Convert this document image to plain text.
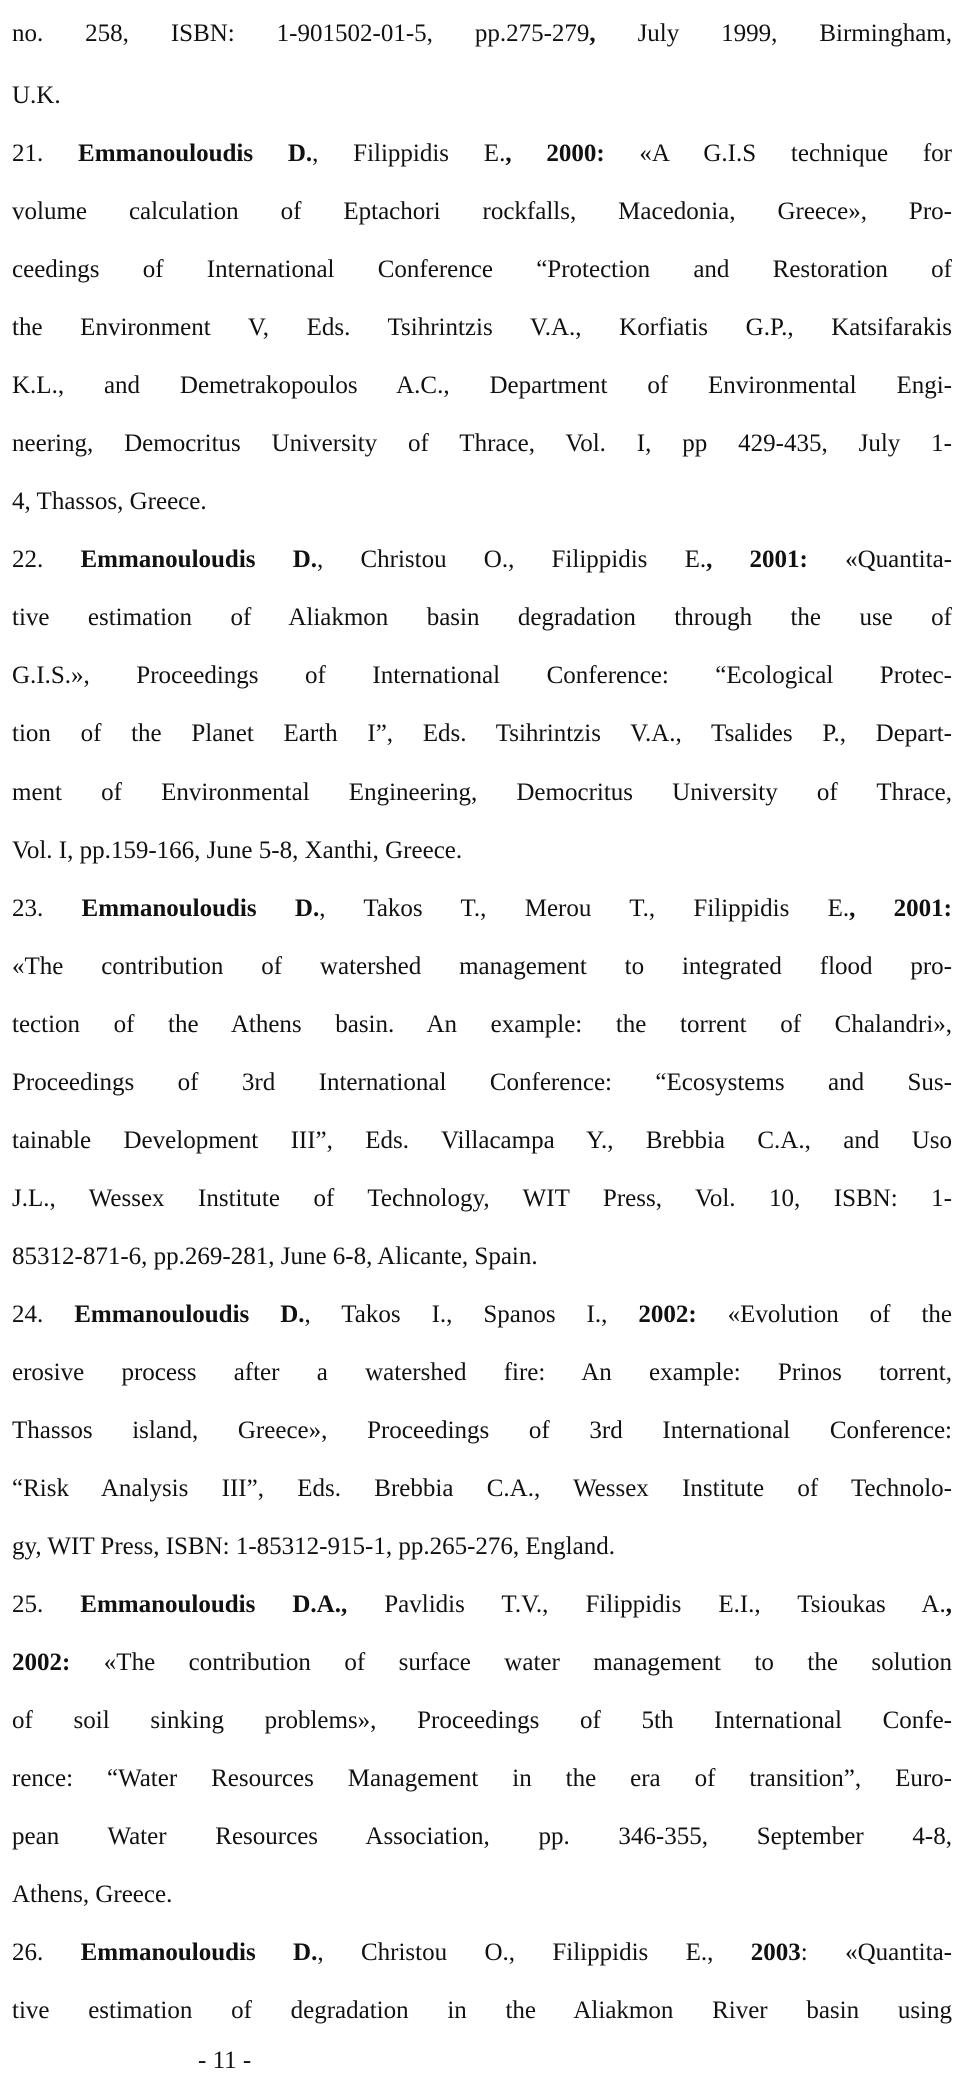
no. 258, ISBN: 1-901502-01-5, pp.275-279, July 1999, Birmingham,
U.K.
21. Emmanouloudis D., Filippidis E., 2000: «A G.I.S technique for
volume calculation of Eptachori rockfalls, Macedonia, Greece», Pro-
ceedings of International Conference “Protection and Restoration of
the Environment V, Eds. Tsihrintzis V.A., Korfiatis G.P., Katsifarakis
K.L., and Demetrakopoulos A.C., Department of Environmental Engi-
neering, Democritus University of Thrace, Vol. I, pp 429-435, July 1-
4, Thassos, Greece.
22. Emmanouloudis D., Christou O., Filippidis E., 2001: «Quantita-
tive estimation of Aliakmon basin degradation through the use of
G.I.S.», Proceedings of International Conference: “Ecological Protec-
tion of the Planet Earth I”, Eds. Tsihrintzis V.A., Tsalides P., Depart-
ment of Environmental Engineering, Democritus University of Thrace,
Vol. I, pp.159-166, June 5-8, Xanthi, Greece.
23. Emmanouloudis D., Takos T., Merou T., Filippidis E., 2001:
«The contribution of watershed management to integrated flood pro-
tection of the Athens basin. An example: the torrent of Chalandri»,
Proceedings of 3rd International Conference: “Ecosystems and Sus-
tainable Development III”, Eds. Villacampa Y., Brebbia C.A., and Uso
J.L., Wessex Institute of Technology, WIT Press, Vol. 10, ISBN: 1-
85312-871-6, pp.269-281, June 6-8, Alicante, Spain.
24. Emmanouloudis D., Takos I., Spanos I., 2002: «Evolution of the
erosive process after a watershed fire: An example: Prinos torrent,
Thassos island, Greece», Proceedings of 3rd International Conference:
“Risk Analysis III”, Eds. Brebbia C.A., Wessex Institute of Technolo-
gy, WIT Press, ISBN: 1-85312-915-1, pp.265-276, England.
25. Emmanouloudis D.A., Pavlidis T.V., Filippidis E.I., Tsioukas A.,
2002: «The contribution of surface water management to the solution
of soil sinking problems», Proceedings of 5th International Confe-
rence: “Water Resources Management in the era of transition”, Euro-
pean Water Resources Association, pp. 346-355, September 4-8,
Athens, Greece.
26. Emmanouloudis D., Christou O., Filippidis E., 2003: «Quantita-
tive estimation of degradation in the Aliakmon River basin using
- 11 -
